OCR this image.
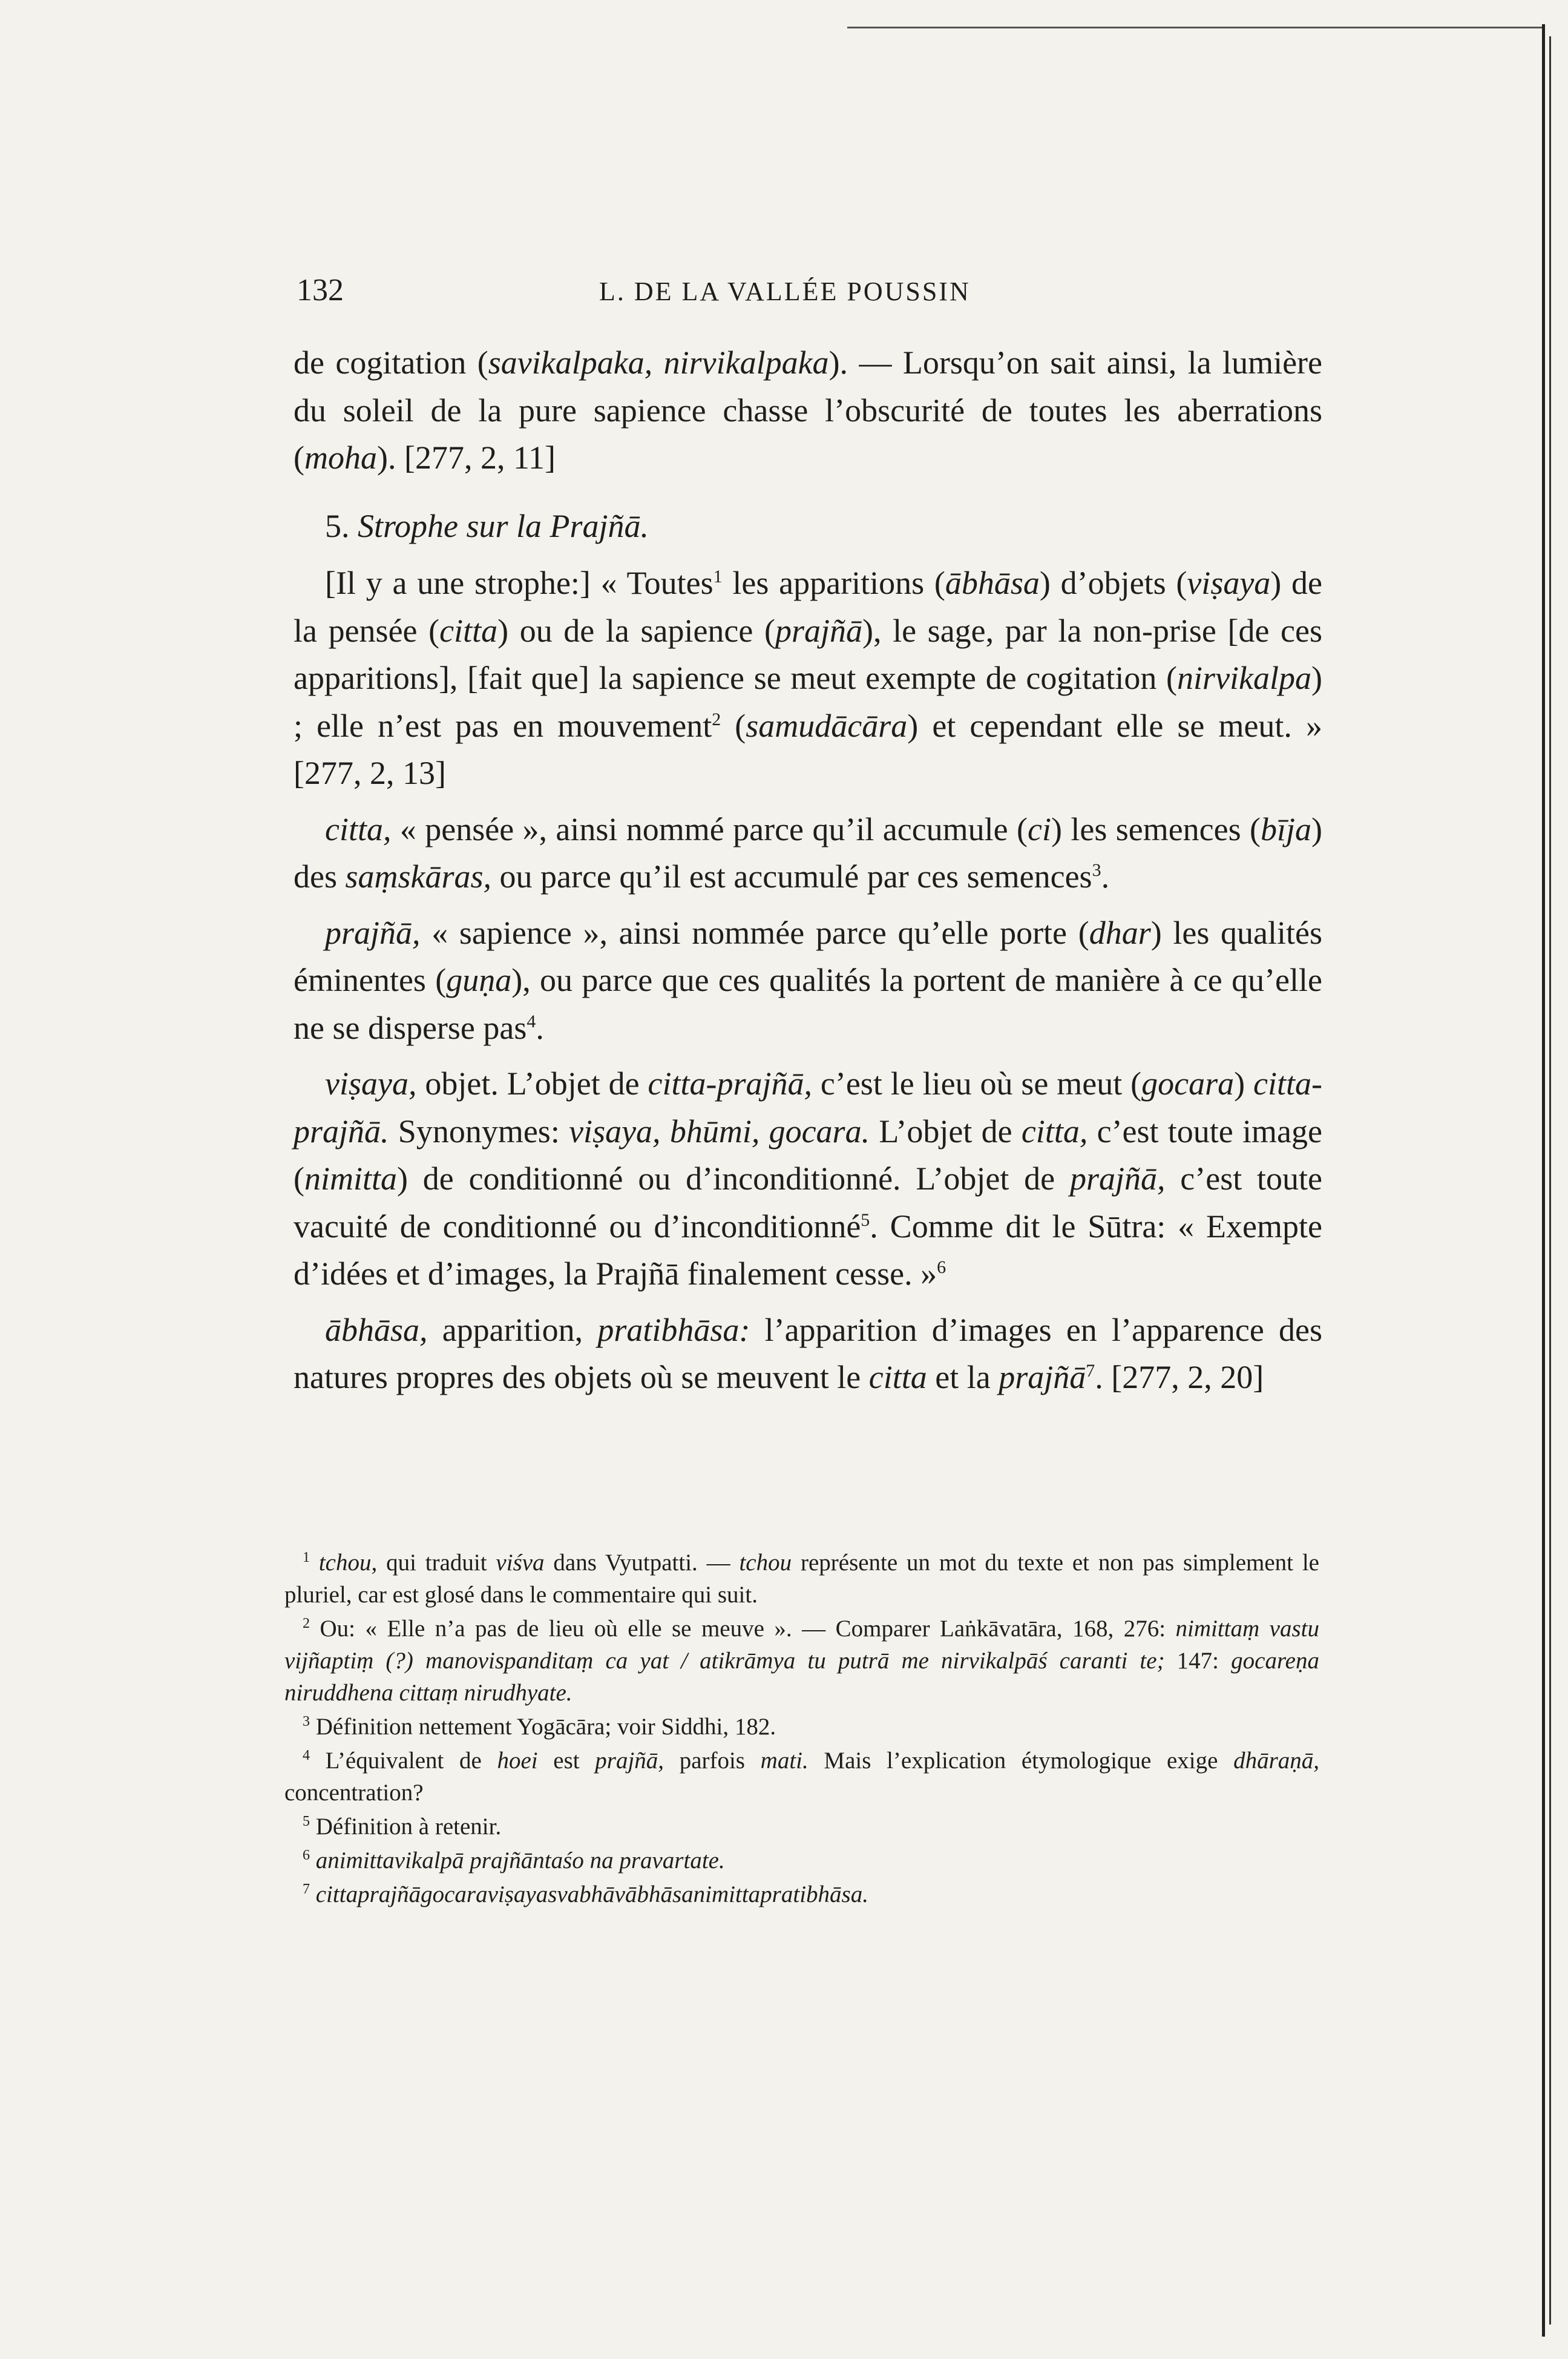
132	L. DE LA VALLÉE POUSSIN

de cogitation (savikalpaka, nirvikalpaka). — Lorsqu’on sait ainsi, la lumière du soleil de la pure sapience chasse l’obscurité de toutes les aberrations (moha). [277, 2, 11]

5. Strophe sur la Prajñā.

[Il y a une strophe:] « Toutes$^1$ les apparitions (ābhāsa) d’objets (viṣaya) de la pensée (citta) ou de la sapience (prajñā), le sage, par la non-prise [de ces apparitions], [fait que] la sapience se meut exempte de cogitation (nirvikalpa) ; elle n’est pas en mouvement$^2$ (samudācāra) et cependant elle se meut. » [277, 2, 13]

citta, « pensée », ainsi nommé parce qu’il accumule (ci) les semences (bīja) des saṃskāras, ou parce qu’il est accumulé par ces semences$^3$.

prajñā, « sapience », ainsi nommée parce qu’elle porte (dhar) les qualités éminentes (guṇa), ou parce que ces qualités la portent de manière à ce qu’elle ne se disperse pas$^4$.

viṣaya, objet. L’objet de citta-prajñā, c’est le lieu où se meut (gocara) citta-prajñā. Synonymes: viṣaya, bhūmi, gocara. L’objet de citta, c’est toute image (nimitta) de conditionné ou d’inconditionné. L’objet de prajñā, c’est toute vacuité de conditionné ou d’inconditionné$^5$. Comme dit le Sūtra: « Exempte d’idées et d’images, la Prajñā finalement cesse. »$^6$

ābhāsa, apparition, pratibhāsa: l’apparition d’images en l’apparence des natures propres des objets où se meuvent le citta et la prajñā$^7$. [277, 2, 20]

$^1$ tchou, qui traduit viśva dans Vyutpatti. — tchou représente un mot du texte et non pas simplement le pluriel, car est glosé dans le commentaire qui suit.

$^2$ Ou: « Elle n’a pas de lieu où elle se meuve ». — Comparer Laṅkāvatāra, 168, 276: nimittaṃ vastu vijñaptiṃ (?) manovispanditaṃ ca yat / atikrāmya tu putrā me nirvikalpāś caranti te; 147: gocareṇa niruddhena cittaṃ nirudhyate.

$^3$ Définition nettement Yogācāra; voir Siddhi, 182.

$^4$ L’équivalent de hoei est prajñā, parfois mati. Mais l’explication étymologique exige dhāraṇā, concentration?

$^5$ Définition à retenir.

$^6$ animittavikalpā prajñāntaśo na pravartate.

$^7$ cittaprajñāgocaraviṣayasvabhāvābhāsanimittapratibhāsa.
